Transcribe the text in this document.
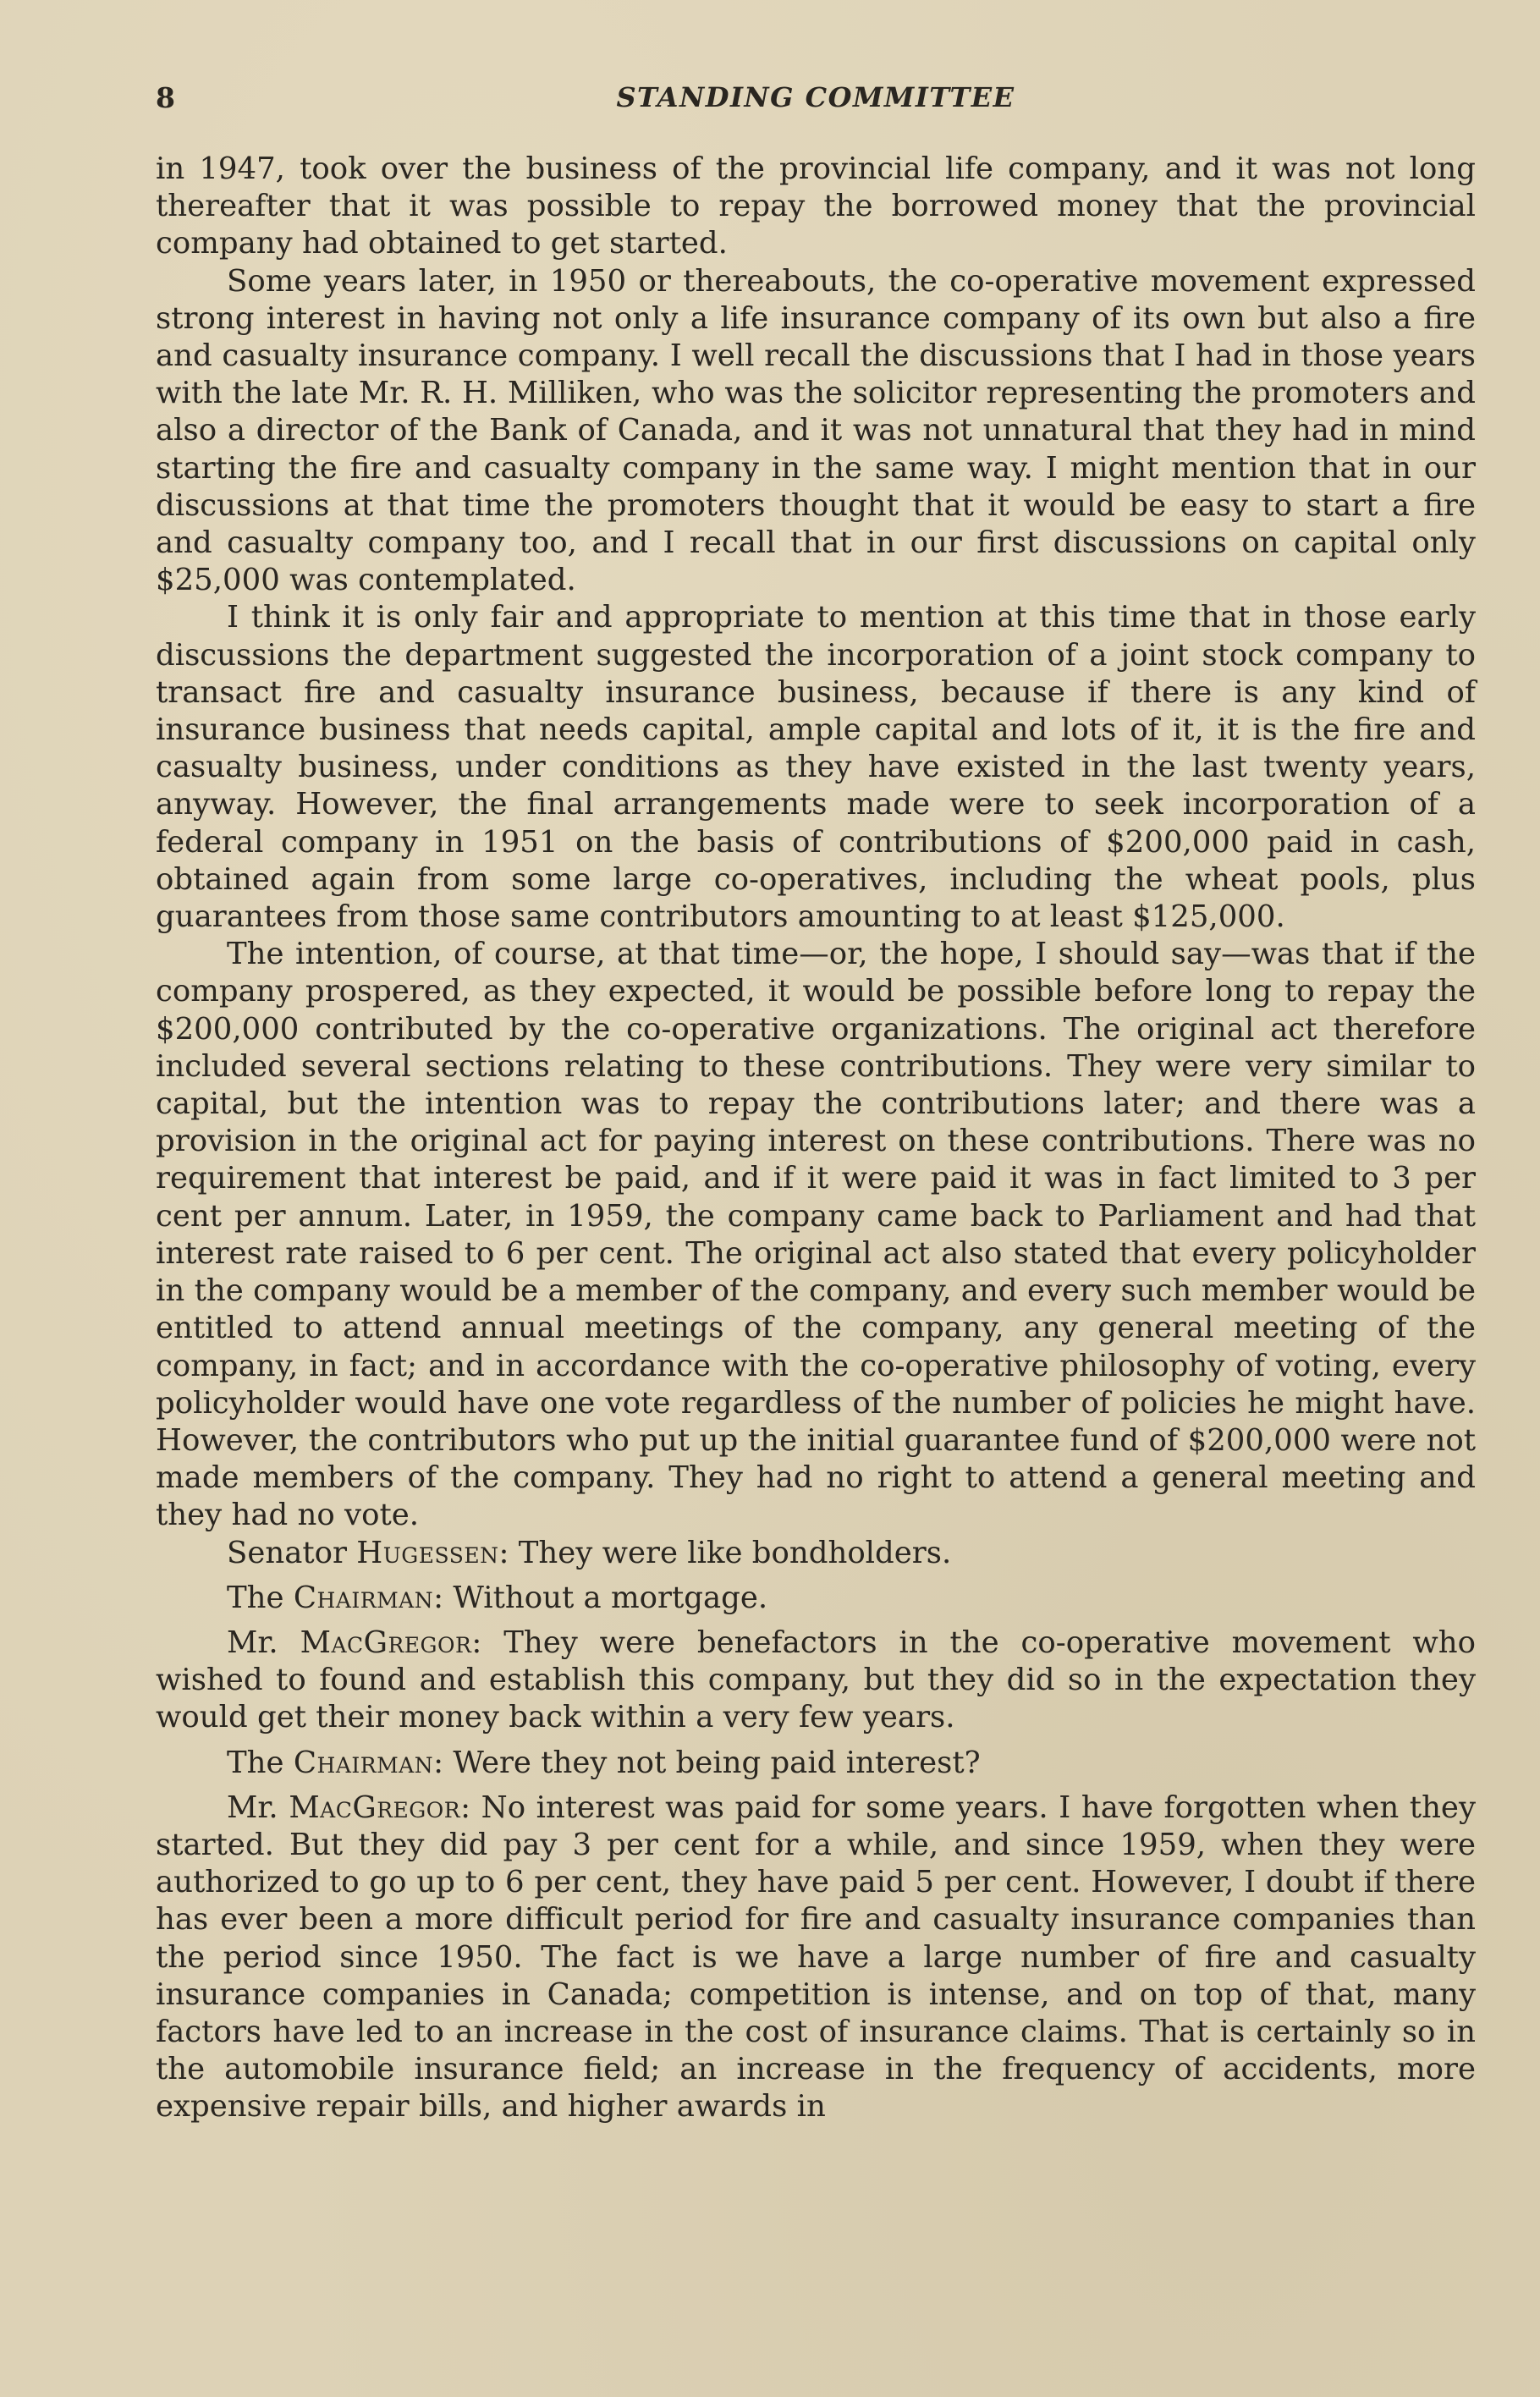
8	STANDING COMMITTEE

in 1947, took over the business of the provincial life company, and it was not long thereafter that it was possible to repay the borrowed money that the provincial company had obtained to get started.

Some years later, in 1950 or thereabouts, the co-operative movement expressed strong interest in having not only a life insurance company of its own but also a fire and casualty insurance company. I well recall the discussions that I had in those years with the late Mr. R. H. Milliken, who was the solicitor representing the promoters and also a director of the Bank of Canada, and it was not unnatural that they had in mind starting the fire and casualty company in the same way. I might mention that in our discussions at that time the promoters thought that it would be easy to start a fire and casualty company too, and I recall that in our first discussions on capital only $25,000 was contemplated.

I think it is only fair and appropriate to mention at this time that in those early discussions the department suggested the incorporation of a joint stock company to transact fire and casualty insurance business, because if there is any kind of insurance business that needs capital, ample capital and lots of it, it is the fire and casualty business, under conditions as they have existed in the last twenty years, anyway. However, the final arrangements made were to seek incorporation of a federal company in 1951 on the basis of contributions of $200,000 paid in cash, obtained again from some large co-operatives, including the wheat pools, plus guarantees from those same contributors amounting to at least $125,000.

The intention, of course, at that time—or, the hope, I should say—was that if the company prospered, as they expected, it would be possible before long to repay the $200,000 contributed by the co-operative organizations. The original act therefore included several sections relating to these contributions. They were very similar to capital, but the intention was to repay the contributions later; and there was a provision in the original act for paying interest on these contributions. There was no requirement that interest be paid, and if it were paid it was in fact limited to 3 per cent per annum. Later, in 1959, the company came back to Parliament and had that interest rate raised to 6 per cent. The original act also stated that every policyholder in the company would be a member of the company, and every such member would be entitled to attend annual meetings of the company, any general meeting of the company, in fact; and in accordance with the co-operative philosophy of voting, every policyholder would have one vote regardless of the number of policies he might have. However, the contributors who put up the initial guarantee fund of $200,000 were not made members of the company. They had no right to attend a general meeting and they had no vote.

Senator Hugessen: They were like bondholders.

The Chairman: Without a mortgage.

Mr. MacGregor: They were benefactors in the co-operative movement who wished to found and establish this company, but they did so in the expectation they would get their money back within a very few years.

The Chairman: Were they not being paid interest?

Mr. MacGregor: No interest was paid for some years. I have forgotten when they started. But they did pay 3 per cent for a while, and since 1959, when they were authorized to go up to 6 per cent, they have paid 5 per cent. However, I doubt if there has ever been a more difficult period for fire and casualty insurance companies than the period since 1950. The fact is we have a large number of fire and casualty insurance companies in Canada; competition is intense, and on top of that, many factors have led to an increase in the cost of insurance claims. That is certainly so in the automobile insurance field; an increase in the frequency of accidents, more expensive repair bills, and higher awards in
